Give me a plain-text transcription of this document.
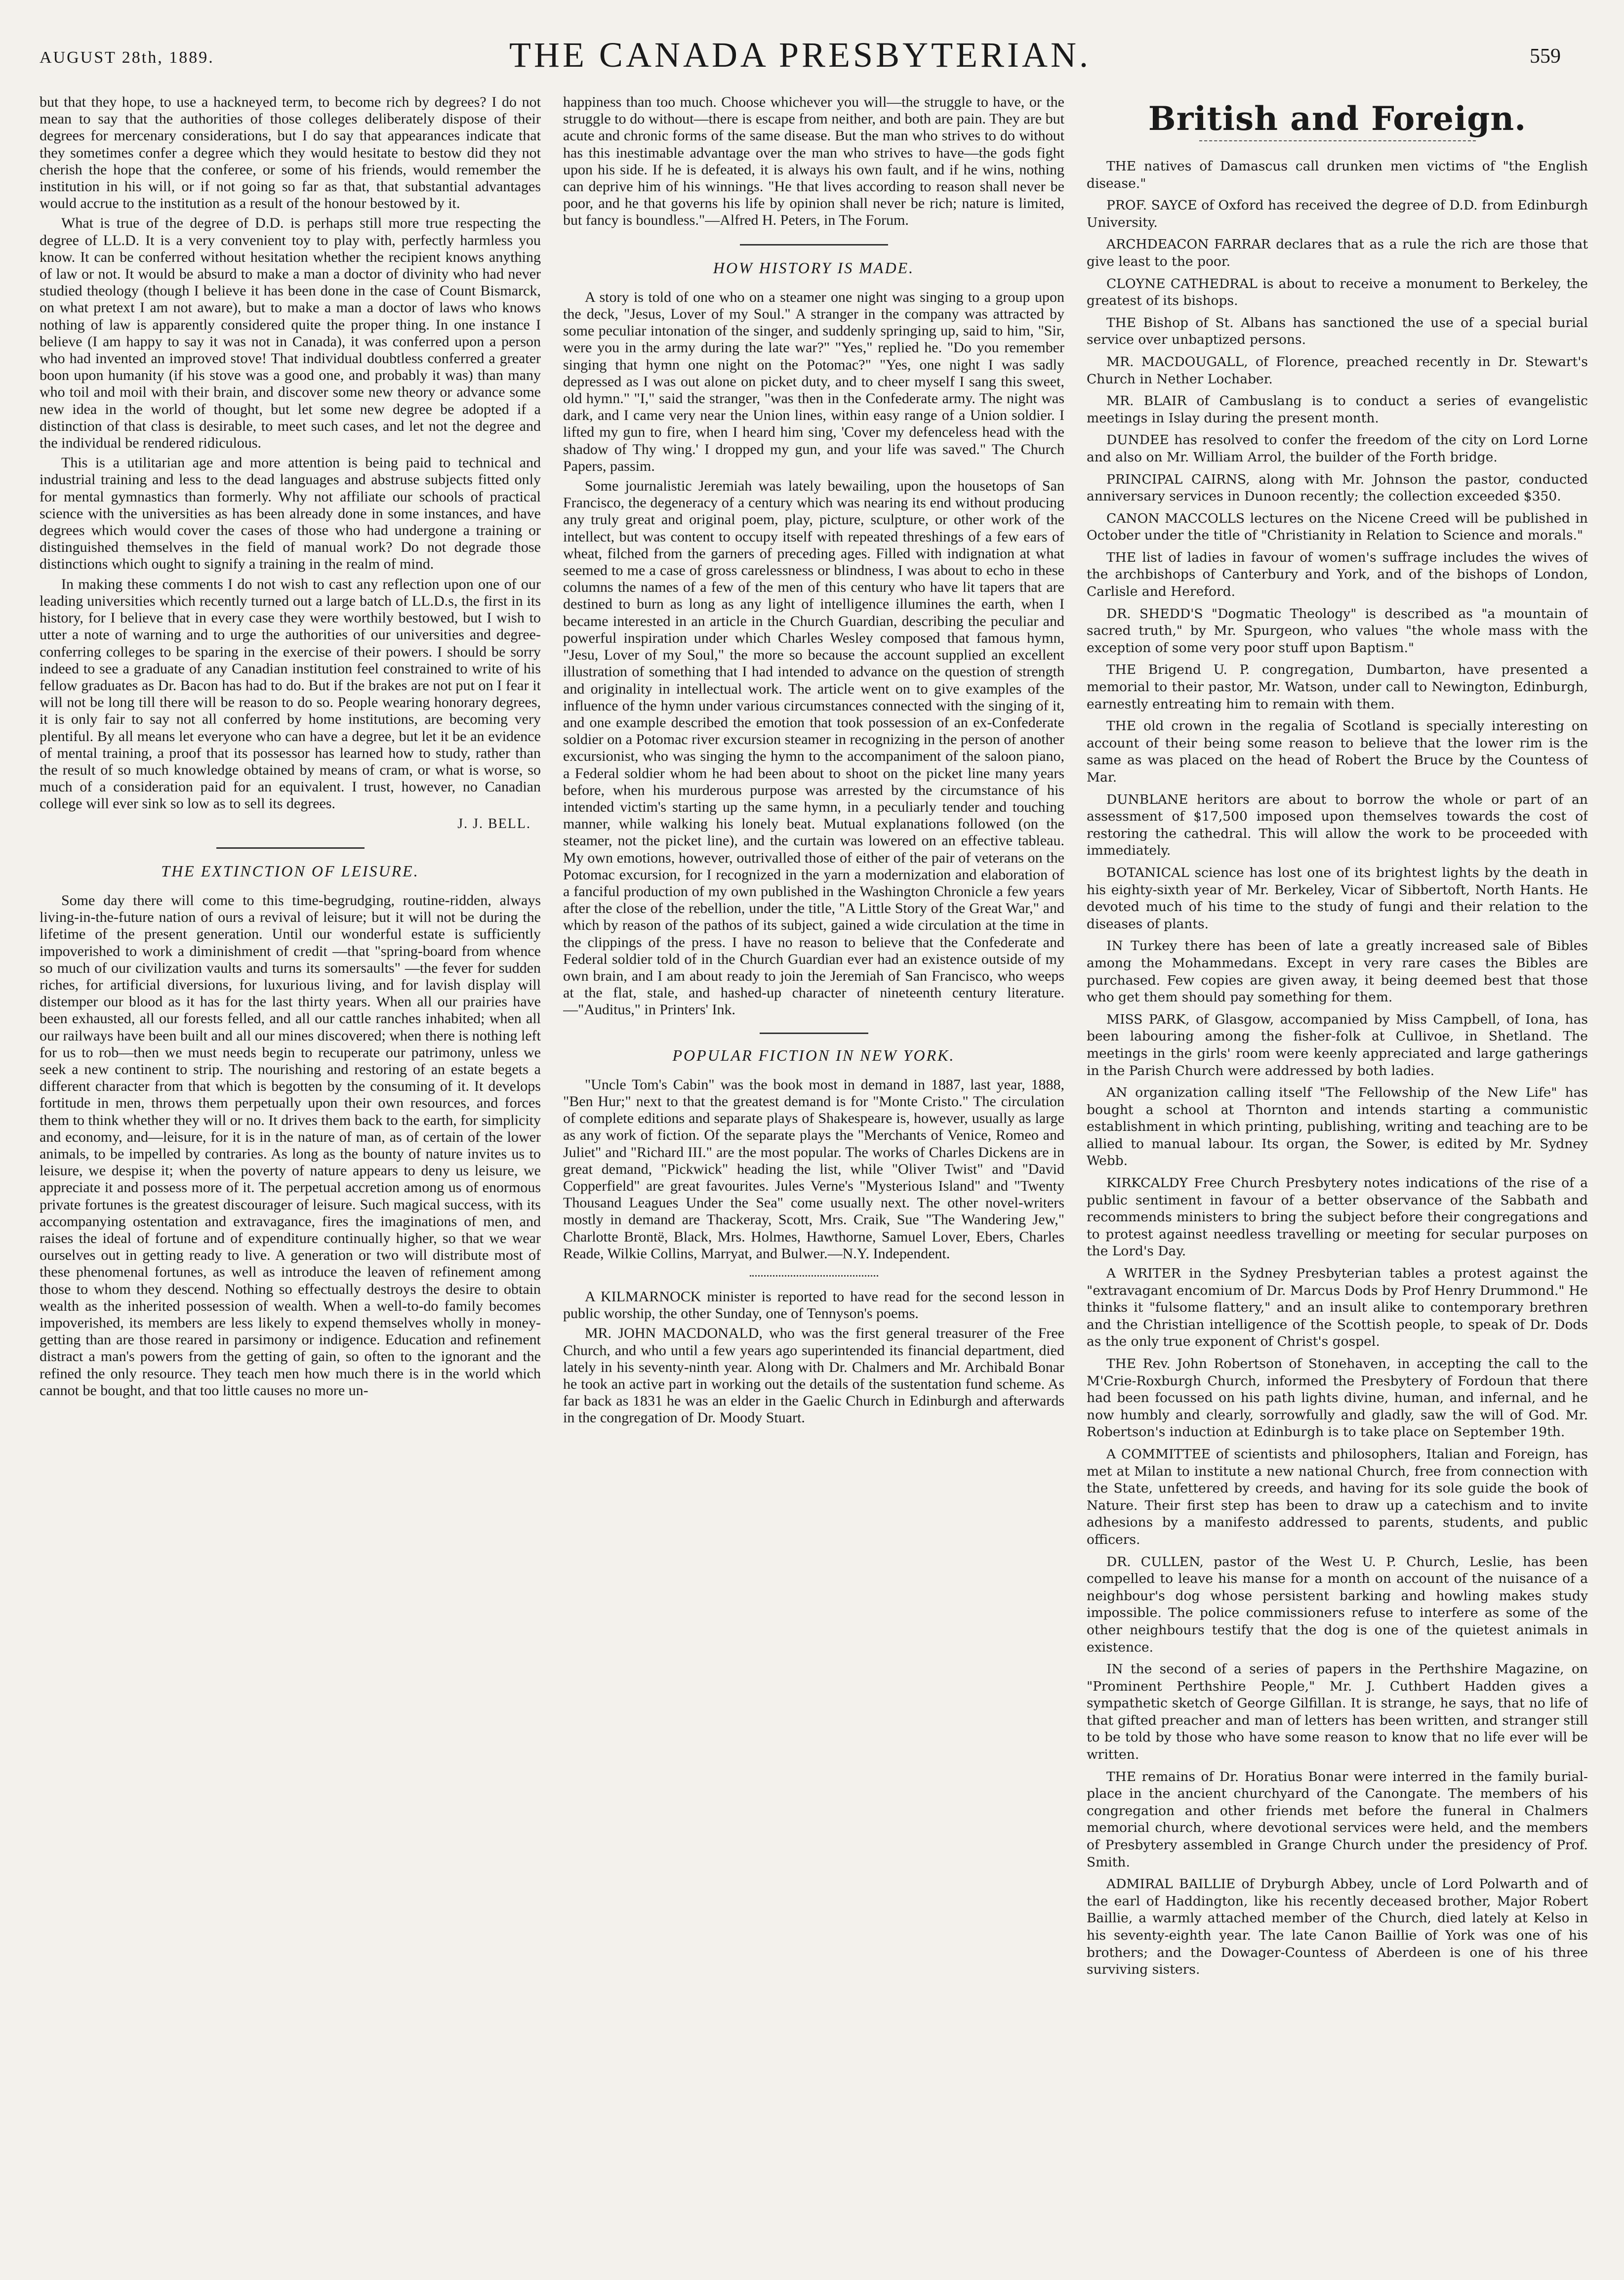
AUGUST 28th, 1889.	THE CANADA PRESBYTERIAN.	559

but that they hope, to use a hackneyed term, to become rich by degrees? I do not mean to say that the authorities of those colleges deliberately dispose of their degrees for mercenary considerations, but I do say that appearances indicate that they sometimes confer a degree which they would hesitate to bestow did they not cherish the hope that the conferee, or some of his friends, would remember the institution in his will, or if not going so far as that, that substantial advantages would accrue to the institution as a result of the honour bestowed by it.

What is true of the degree of D.D. is perhaps still more true respecting the degree of LL.D. It is a very convenient toy to play with, perfectly harmless you know. It can be conferred without hesitation whether the recipient knows anything of law or not. It would be absurd to make a man a doctor of divinity who had never studied theology (though I believe it has been done in the case of Count Bismarck, on what pretext I am not aware), but to make a man a doctor of laws who knows nothing of law is apparently considered quite the proper thing. In one instance I believe (I am happy to say it was not in Canada), it was conferred upon a person who had invented an improved stove! That individual doubtless conferred a greater boon upon humanity (if his stove was a good one, and probably it was) than many who toil and moil with their brain, and discover some new theory or advance some new idea in the world of thought, but let some new degree be adopted if a distinction of that class is desirable, to meet such cases, and let not the degree and the individual be rendered ridiculous.

This is a utilitarian age and more attention is being paid to technical and industrial training and less to the dead languages and abstruse subjects fitted only for mental gymnastics than formerly. Why not affiliate our schools of practical science with the universities as has been already done in some instances, and have degrees which would cover the cases of those who had undergone a training or distinguished themselves in the field of manual work? Do not degrade those distinctions which ought to signify a training in the realm of mind.

In making these comments I do not wish to cast any reflection upon one of our leading universities which recently turned out a large batch of LL.D.s, the first in its history, for I believe that in every case they were worthily bestowed, but I wish to utter a note of warning and to urge the authorities of our universities and degree-conferring colleges to be sparing in the exercise of their powers. I should be sorry indeed to see a graduate of any Canadian institution feel constrained to write of his fellow graduates as Dr. Bacon has had to do. But if the brakes are not put on I fear it will not be long till there will be reason to do so. People wearing honorary degrees, it is only fair to say not all conferred by home institutions, are becoming very plentiful. By all means let everyone who can have a degree, but let it be an evidence of mental training, a proof that its possessor has learned how to study, rather than the result of so much knowledge obtained by means of cram, or what is worse, so much of a consideration paid for an equivalent. I trust, however, no Canadian college will ever sink so low as to sell its degrees.

J. J. BELL.
THE EXTINCTION OF LEISURE.

Some day there will come to this time-begrudging, routine-ridden, always living-in-the-future nation of ours a revival of leisure; but it will not be during the lifetime of the present generation. Until our wonderful estate is sufficiently impoverished to work a diminishment of credit —that "spring-board from whence so much of our civilization vaults and turns its somersaults" —the fever for sudden riches, for artificial diversions, for luxurious living, and for lavish display will distemper our blood as it has for the last thirty years. When all our prairies have been exhausted, all our forests felled, and all our cattle ranches inhabited; when all our railways have been built and all our mines discovered; when there is nothing left for us to rob—then we must needs begin to recuperate our patrimony, unless we seek a new continent to strip. The nourishing and restoring of an estate begets a different character from that which is begotten by the consuming of it. It develops fortitude in men, throws them perpetually upon their own resources, and forces them to think whether they will or no. It drives them back to the earth, for simplicity and economy, and—leisure, for it is in the nature of man, as of certain of the lower animals, to be impelled by contraries. As long as the bounty of nature invites us to leisure, we despise it; when the poverty of nature appears to deny us leisure, we appreciate it and possess more of it. The perpetual accretion among us of enormous private fortunes is the greatest discourager of leisure. Such magical success, with its accompanying ostentation and extravagance, fires the imaginations of men, and raises the ideal of fortune and of expenditure continually higher, so that we wear ourselves out in getting ready to live. A generation or two will distribute most of these phenomenal fortunes, as well as introduce the leaven of refinement among those to whom they descend. Nothing so effectually destroys the desire to obtain wealth as the inherited possession of wealth. When a well-to-do family becomes impoverished, its members are less likely to expend themselves wholly in money-getting than are those reared in parsimony or indigence. Education and refinement distract a man's powers from the getting of gain, so often to the ignorant and the refined the only resource. They teach men how much there is in the world which cannot be bought, and that too little causes no more un-

happiness than too much. Choose whichever you will—the struggle to have, or the struggle to do without—there is escape from neither, and both are pain. They are but acute and chronic forms of the same disease. But the man who strives to do without has this inestimable advantage over the man who strives to have—the gods fight upon his side. If he is defeated, it is always his own fault, and if he wins, nothing can deprive him of his winnings. "He that lives according to reason shall never be poor, and he that governs his life by opinion shall never be rich; nature is limited, but fancy is boundless."—Alfred H. Peters, in The Forum.

HOW HISTORY IS MADE.

A story is told of one who on a steamer one night was singing to a group upon the deck, "Jesus, Lover of my Soul." A stranger in the company was attracted by some peculiar intonation of the singer, and suddenly springing up, said to him, "Sir, were you in the army during the late war?" "Yes," replied he. "Do you remember singing that hymn one night on the Potomac?" "Yes, one night I was sadly depressed as I was out alone on picket duty, and to cheer myself I sang this sweet, old hymn." "I," said the stranger, "was then in the Confederate army. The night was dark, and I came very near the Union lines, within easy range of a Union soldier. I lifted my gun to fire, when I heard him sing, 'Cover my defenceless head with the shadow of Thy wing.' I dropped my gun, and your life was saved." The Church Papers, passim.

Some journalistic Jeremiah was lately bewailing, upon the housetops of San Francisco, the degeneracy of a century which was nearing its end without producing any truly great and original poem, play, picture, sculpture, or other work of the intellect, but was content to occupy itself with repeated threshings of a few ears of wheat, filched from the garners of preceding ages. Filled with indignation at what seemed to me a case of gross carelessness or blindness, I was about to echo in these columns the names of a few of the men of this century who have lit tapers that are destined to burn as long as any light of intelligence illumines the earth, when I became interested in an article in the Church Guardian, describing the peculiar and powerful inspiration under which Charles Wesley composed that famous hymn, "Jesu, Lover of my Soul," the more so because the account supplied an excellent illustration of something that I had intended to advance on the question of strength and originality in intellectual work. The article went on to give examples of the influence of the hymn under various circumstances connected with the singing of it, and one example described the emotion that took possession of an ex-Confederate soldier on a Potomac river excursion steamer in recognizing in the person of another excursionist, who was singing the hymn to the accompaniment of the saloon piano, a Federal soldier whom he had been about to shoot on the picket line many years before, when his murderous purpose was arrested by the circumstance of his intended victim's starting up the same hymn, in a peculiarly tender and touching manner, while walking his lonely beat. Mutual explanations followed (on the steamer, not the picket line), and the curtain was lowered on an effective tableau. My own emotions, however, outrivalled those of either of the pair of veterans on the Potomac excursion, for I recognized in the yarn a modernization and elaboration of a fanciful production of my own published in the Washington Chronicle a few years after the close of the rebellion, under the title, "A Little Story of the Great War," and which by reason of the pathos of its subject, gained a wide circulation at the time in the clippings of the press. I have no reason to believe that the Confederate and Federal soldier told of in the Church Guardian ever had an existence outside of my own brain, and I am about ready to join the Jeremiah of San Francisco, who weeps at the flat, stale, and hashed-up character of nineteenth century literature.—"Auditus," in Printers' Ink.

POPULAR FICTION IN NEW YORK.

"Uncle Tom's Cabin" was the book most in demand in 1887, last year, 1888, "Ben Hur;" next to that the greatest demand is for "Monte Cristo." The circulation of complete editions and separate plays of Shakespeare is, however, usually as large as any work of fiction. Of the separate plays the "Merchants of Venice, Romeo and Juliet" and "Richard III." are the most popular. The works of Charles Dickens are in great demand, "Pickwick" heading the list, while "Oliver Twist" and "David Copperfield" are great favourites. Jules Verne's "Mysterious Island" and "Twenty Thousand Leagues Under the Sea" come usually next. The other novel-writers mostly in demand are Thackeray, Scott, Mrs. Craik, Sue "The Wandering Jew," Charlotte Brontë, Black, Mrs. Holmes, Hawthorne, Samuel Lover, Ebers, Charles Reade, Wilkie Collins, Marryat, and Bulwer.—N.Y. Independent.

A KILMARNOCK minister is reported to have read for the second lesson in public worship, the other Sunday, one of Tennyson's poems.

MR. JOHN MACDONALD, who was the first general treasurer of the Free Church, and who until a few years ago superintended its financial department, died lately in his seventy-ninth year. Along with Dr. Chalmers and Mr. Archibald Bonar he took an active part in working out the details of the sustentation fund scheme. As far back as 1831 he was an elder in the Gaelic Church in Edinburgh and afterwards in the congregation of Dr. Moody Stuart.

British and Foreign.

THE natives of Damascus call drunken men victims of "the English disease."

PROF. SAYCE of Oxford has received the degree of D.D. from Edinburgh University.

ARCHDEACON FARRAR declares that as a rule the rich are those that give least to the poor.

CLOYNE CATHEDRAL is about to receive a monument to Berkeley, the greatest of its bishops.

THE Bishop of St. Albans has sanctioned the use of a special burial service over unbaptized persons.

MR. MACDOUGALL, of Florence, preached recently in Dr. Stewart's Church in Nether Lochaber.

MR. BLAIR of Cambuslang is to conduct a series of evangelistic meetings in Islay during the present month.

DUNDEE has resolved to confer the freedom of the city on Lord Lorne and also on Mr. William Arrol, the builder of the Forth bridge.

PRINCIPAL CAIRNS, along with Mr. Johnson the pastor, conducted anniversary services in Dunoon recently; the collection exceeded $350.

CANON MACCOLLS lectures on the Nicene Creed will be published in October under the title of "Christianity in Relation to Science and morals."

THE list of ladies in favour of women's suffrage includes the wives of the archbishops of Canterbury and York, and of the bishops of London, Carlisle and Hereford.

DR. SHEDD'S "Dogmatic Theology" is described as "a mountain of sacred truth," by Mr. Spurgeon, who values "the whole mass with the exception of some very poor stuff upon Baptism."

THE Brigend U. P. congregation, Dumbarton, have presented a memorial to their pastor, Mr. Watson, under call to Newington, Edinburgh, earnestly entreating him to remain with them.

THE old crown in the regalia of Scotland is specially interesting on account of their being some reason to believe that the lower rim is the same as was placed on the head of Robert the Bruce by the Countess of Mar.

DUNBLANE heritors are about to borrow the whole or part of an assessment of $17,500 imposed upon themselves towards the cost of restoring the cathedral. This will allow the work to be proceeded with immediately.

BOTANICAL science has lost one of its brightest lights by the death in his eighty-sixth year of Mr. Berkeley, Vicar of Sibbertoft, North Hants. He devoted much of his time to the study of fungi and their relation to the diseases of plants.

IN Turkey there has been of late a greatly increased sale of Bibles among the Mohammedans. Except in very rare cases the Bibles are purchased. Few copies are given away, it being deemed best that those who get them should pay something for them.

MISS PARK, of Glasgow, accompanied by Miss Campbell, of Iona, has been labouring among the fisher-folk at Cullivoe, in Shetland. The meetings in the girls' room were keenly appreciated and large gatherings in the Parish Church were addressed by both ladies.

AN organization calling itself "The Fellowship of the New Life" has bought a school at Thornton and intends starting a communistic establishment in which printing, publishing, writing and teaching are to be allied to manual labour. Its organ, the Sower, is edited by Mr. Sydney Webb.

KIRKCALDY Free Church Presbytery notes indications of the rise of a public sentiment in favour of a better observance of the Sabbath and recommends ministers to bring the subject before their congregations and to protest against needless travelling or meeting for secular purposes on the Lord's Day.

A WRITER in the Sydney Presbyterian tables a protest against the "extravagant encomium of Dr. Marcus Dods by Prof Henry Drummond." He thinks it "fulsome flattery," and an insult alike to contemporary brethren and the Christian intelligence of the Scottish people, to speak of Dr. Dods as the only true exponent of Christ's gospel.

THE Rev. John Robertson of Stonehaven, in accepting the call to the M'Crie-Roxburgh Church, informed the Presbytery of Fordoun that there had been focussed on his path lights divine, human, and infernal, and he now humbly and clearly, sorrowfully and gladly, saw the will of God. Mr. Robertson's induction at Edinburgh is to take place on September 19th.

A COMMITTEE of scientists and philosophers, Italian and Foreign, has met at Milan to institute a new national Church, free from connection with the State, unfettered by creeds, and having for its sole guide the book of Nature. Their first step has been to draw up a catechism and to invite adhesions by a manifesto addressed to parents, students, and public officers.

DR. CULLEN, pastor of the West U. P. Church, Leslie, has been compelled to leave his manse for a month on account of the nuisance of a neighbour's dog whose persistent barking and howling makes study impossible. The police commissioners refuse to interfere as some of the other neighbours testify that the dog is one of the quietest animals in existence.

IN the second of a series of papers in the Perthshire Magazine, on "Prominent Perthshire People," Mr. J. Cuthbert Hadden gives a sympathetic sketch of George Gilfillan. It is strange, he says, that no life of that gifted preacher and man of letters has been written, and stranger still to be told by those who have some reason to know that no life ever will be written.

THE remains of Dr. Horatius Bonar were interred in the family burial-place in the ancient churchyard of the Canongate. The members of his congregation and other friends met before the funeral in Chalmers memorial church, where devotional services were held, and the members of Presbytery assembled in Grange Church under the presidency of Prof. Smith.

ADMIRAL BAILLIE of Dryburgh Abbey, uncle of Lord Polwarth and of the earl of Haddington, like his recently deceased brother, Major Robert Baillie, a warmly attached member of the Church, died lately at Kelso in his seventy-eighth year. The late Canon Baillie of York was one of his brothers; and the Dowager-Countess of Aberdeen is one of his three surviving sisters.
